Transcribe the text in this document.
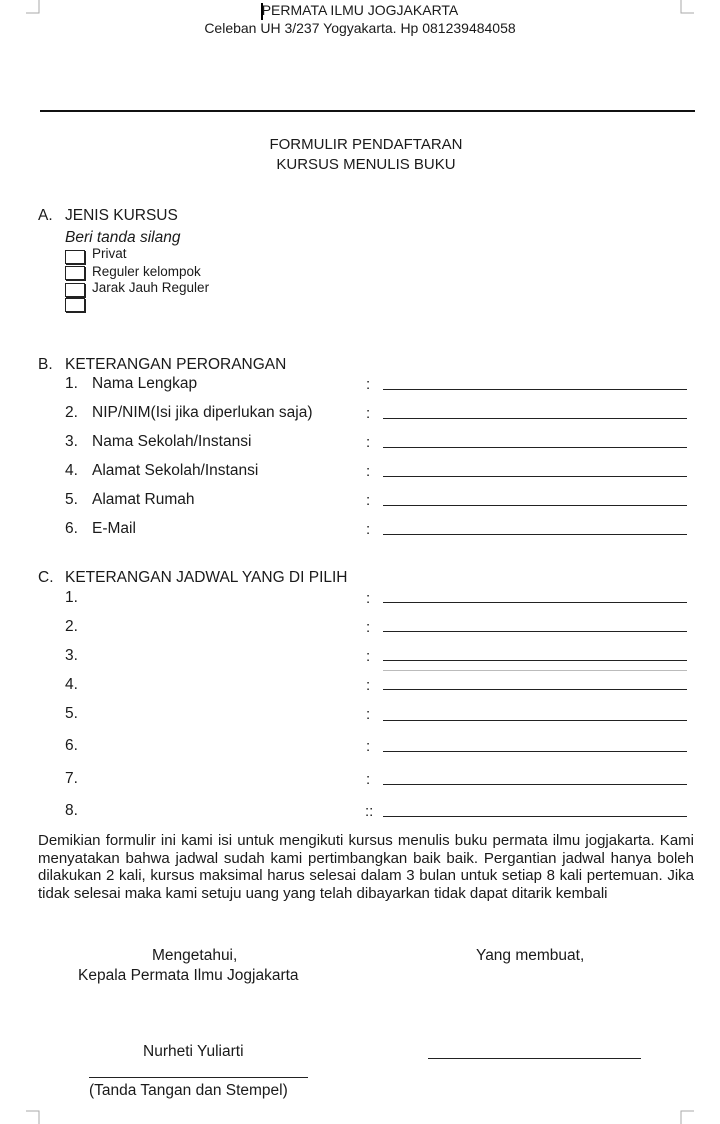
PERMATA ILMU JOGJAKARTA
Celeban UH 3/237 Yogyakarta. Hp 081239484058
FORMULIR PENDAFTARAN
KURSUS MENULIS BUKU
A. JENIS KURSUS
Beri tanda silang
Privat
Reguler kelompok
Jarak Jauh Reguler
B. KETERANGAN PERORANGAN
1. Nama Lengkap	:
2. NIP/NIM(Isi jika diperlukan saja)	:
3. Nama Sekolah/Instansi	:
4. Alamat Sekolah/Instansi	:
5. Alamat Rumah	:
6. E-Mail	:
C. KETERANGAN JADWAL YANG DI PILIH
1.	:
2.	:
3.	:
4.	:
5.	:
6.	:
7.	:
8.	::
Demikian formulir ini kami isi untuk mengikuti kursus menulis buku permata ilmu jogjakarta. Kami menyatakan bahwa jadwal sudah kami pertimbangkan baik baik. Pergantian jadwal hanya boleh dilakukan 2 kali, kursus maksimal harus selesai dalam 3 bulan untuk setiap 8 kali pertemuan. Jika tidak selesai maka kami setuju uang yang telah dibayarkan tidak dapat ditarik kembali
Mengetahui,
Kepala Permata Ilmu Jogjakarta
Yang membuat,
Nurheti Yuliarti
(Tanda Tangan dan Stempel)
